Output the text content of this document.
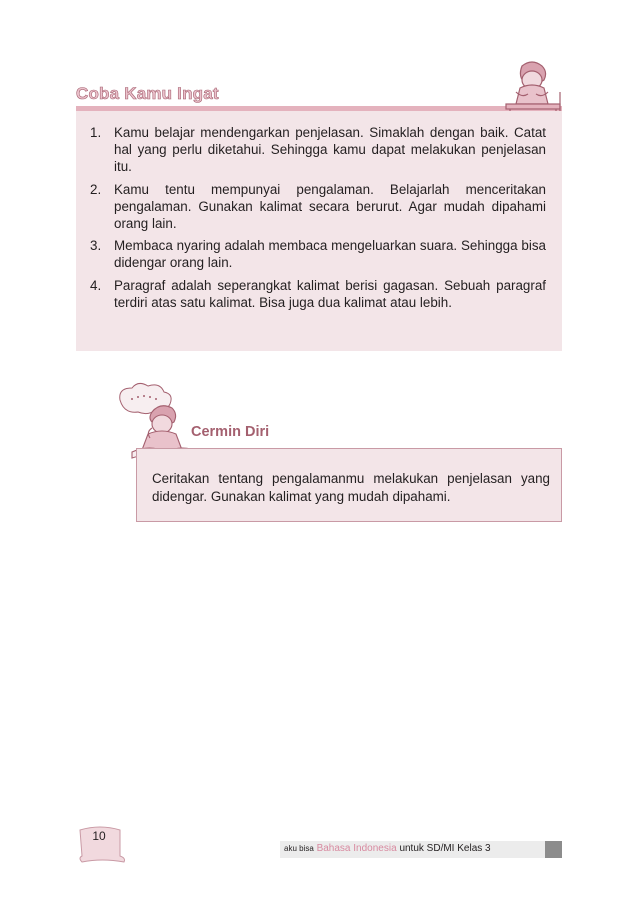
Coba Kamu Ingat
1. Kamu belajar mendengarkan penjelasan. Simaklah dengan baik. Catat hal yang perlu diketahui. Sehingga kamu dapat melakukan penjelasan itu.
2. Kamu tentu mempunyai pengalaman. Belajarlah menceritakan pengalaman. Gunakan kalimat secara berurut. Agar mudah dipahami orang lain.
3. Membaca nyaring adalah membaca mengeluarkan suara. Sehingga bisa didengar orang lain.
4. Paragraf adalah seperangkat kalimat berisi gagasan. Sebuah paragraf terdiri atas satu kalimat. Bisa juga dua kalimat atau lebih.
Cermin Diri

Ceritakan tentang pengalamanmu melakukan penjelasan yang didengar. Gunakan kalimat yang mudah dipahami.

10
aku bisa Bahasa Indonesia untuk SD/MI Kelas 3
